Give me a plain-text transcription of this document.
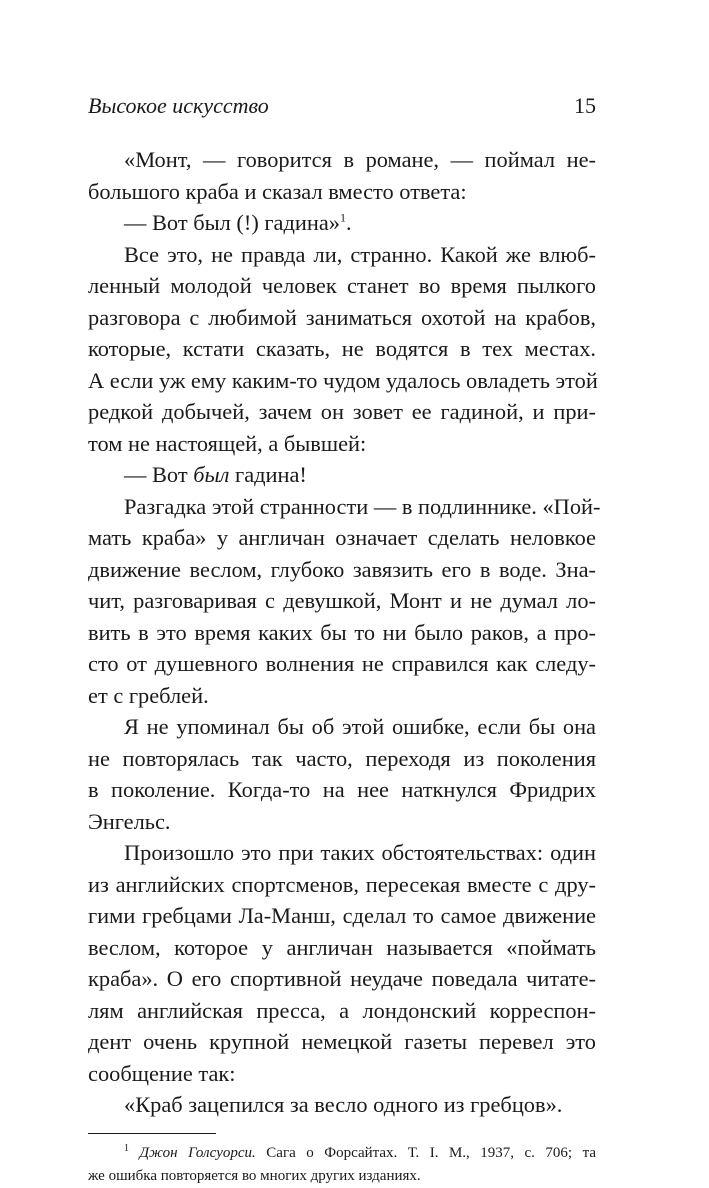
Высокое искусство	15
«Монт, — говорится в романе, — поймал не-
большого краба и сказал вместо ответа:
— Вот был (!) гадина»$^1$.
Все это, не правда ли, странно. Какой же влюб-
ленный молодой человек станет во время пылкого
разговора с любимой заниматься охотой на крабов,
которые, кстати сказать, не водятся в тех местах.
А если уж ему каким-то чудом удалось овладеть этой
редкой добычей, зачем он зовет ее гадиной, и при-
том не настоящей, а бывшей:
— Вот был гадина!
Разгадка этой странности — в подлиннике. «Пой-
мать краба» у англичан означает сделать неловкое
движение веслом, глубоко завязить его в воде. Зна-
чит, разговаривая с девушкой, Монт и не думал ло-
вить в это время каких бы то ни было раков, а про-
сто от душевного волнения не справился как следу-
ет с греблей.
Я не упоминал бы об этой ошибке, если бы она
не повторялась так часто, переходя из поколения
в поколение. Когда-то на нее наткнулся Фридрих
Энгельс.
Произошло это при таких обстоятельствах: один
из английских спортсменов, пересекая вместе с дру-
гими гребцами Ла-Манш, сделал то самое движение
веслом, которое у англичан называется «поймать
краба». О его спортивной неудаче поведала читате-
лям английская пресса, а лондонский корреспон-
дент очень крупной немецкой газеты перевел это
сообщение так:
«Краб зацепился за весло одного из гребцов».
$^1$ Джон Голсуорси. Сага о Форсайтах. Т. I. М., 1937, с. 706; та
же ошибка повторяется во многих других изданиях.
